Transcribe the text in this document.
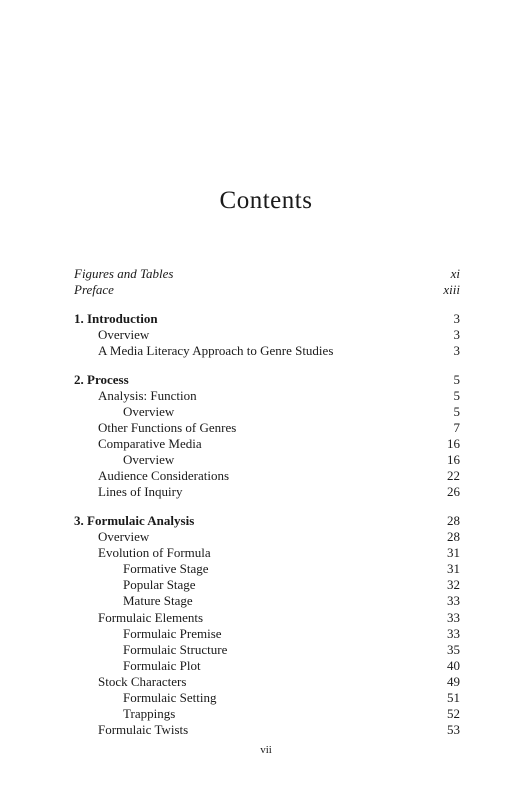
Contents
Figures and Tables	xi
Preface	xiii
1. Introduction	3
Overview	3
A Media Literacy Approach to Genre Studies	3
2. Process	5
Analysis: Function	5
Overview	5
Other Functions of Genres	7
Comparative Media	16
Overview	16
Audience Considerations	22
Lines of Inquiry	26
3. Formulaic Analysis	28
Overview	28
Evolution of Formula	31
Formative Stage	31
Popular Stage	32
Mature Stage	33
Formulaic Elements	33
Formulaic Premise	33
Formulaic Structure	35
Formulaic Plot	40
Stock Characters	49
Formulaic Setting	51
Trappings	52
Formulaic Twists	53
vii
